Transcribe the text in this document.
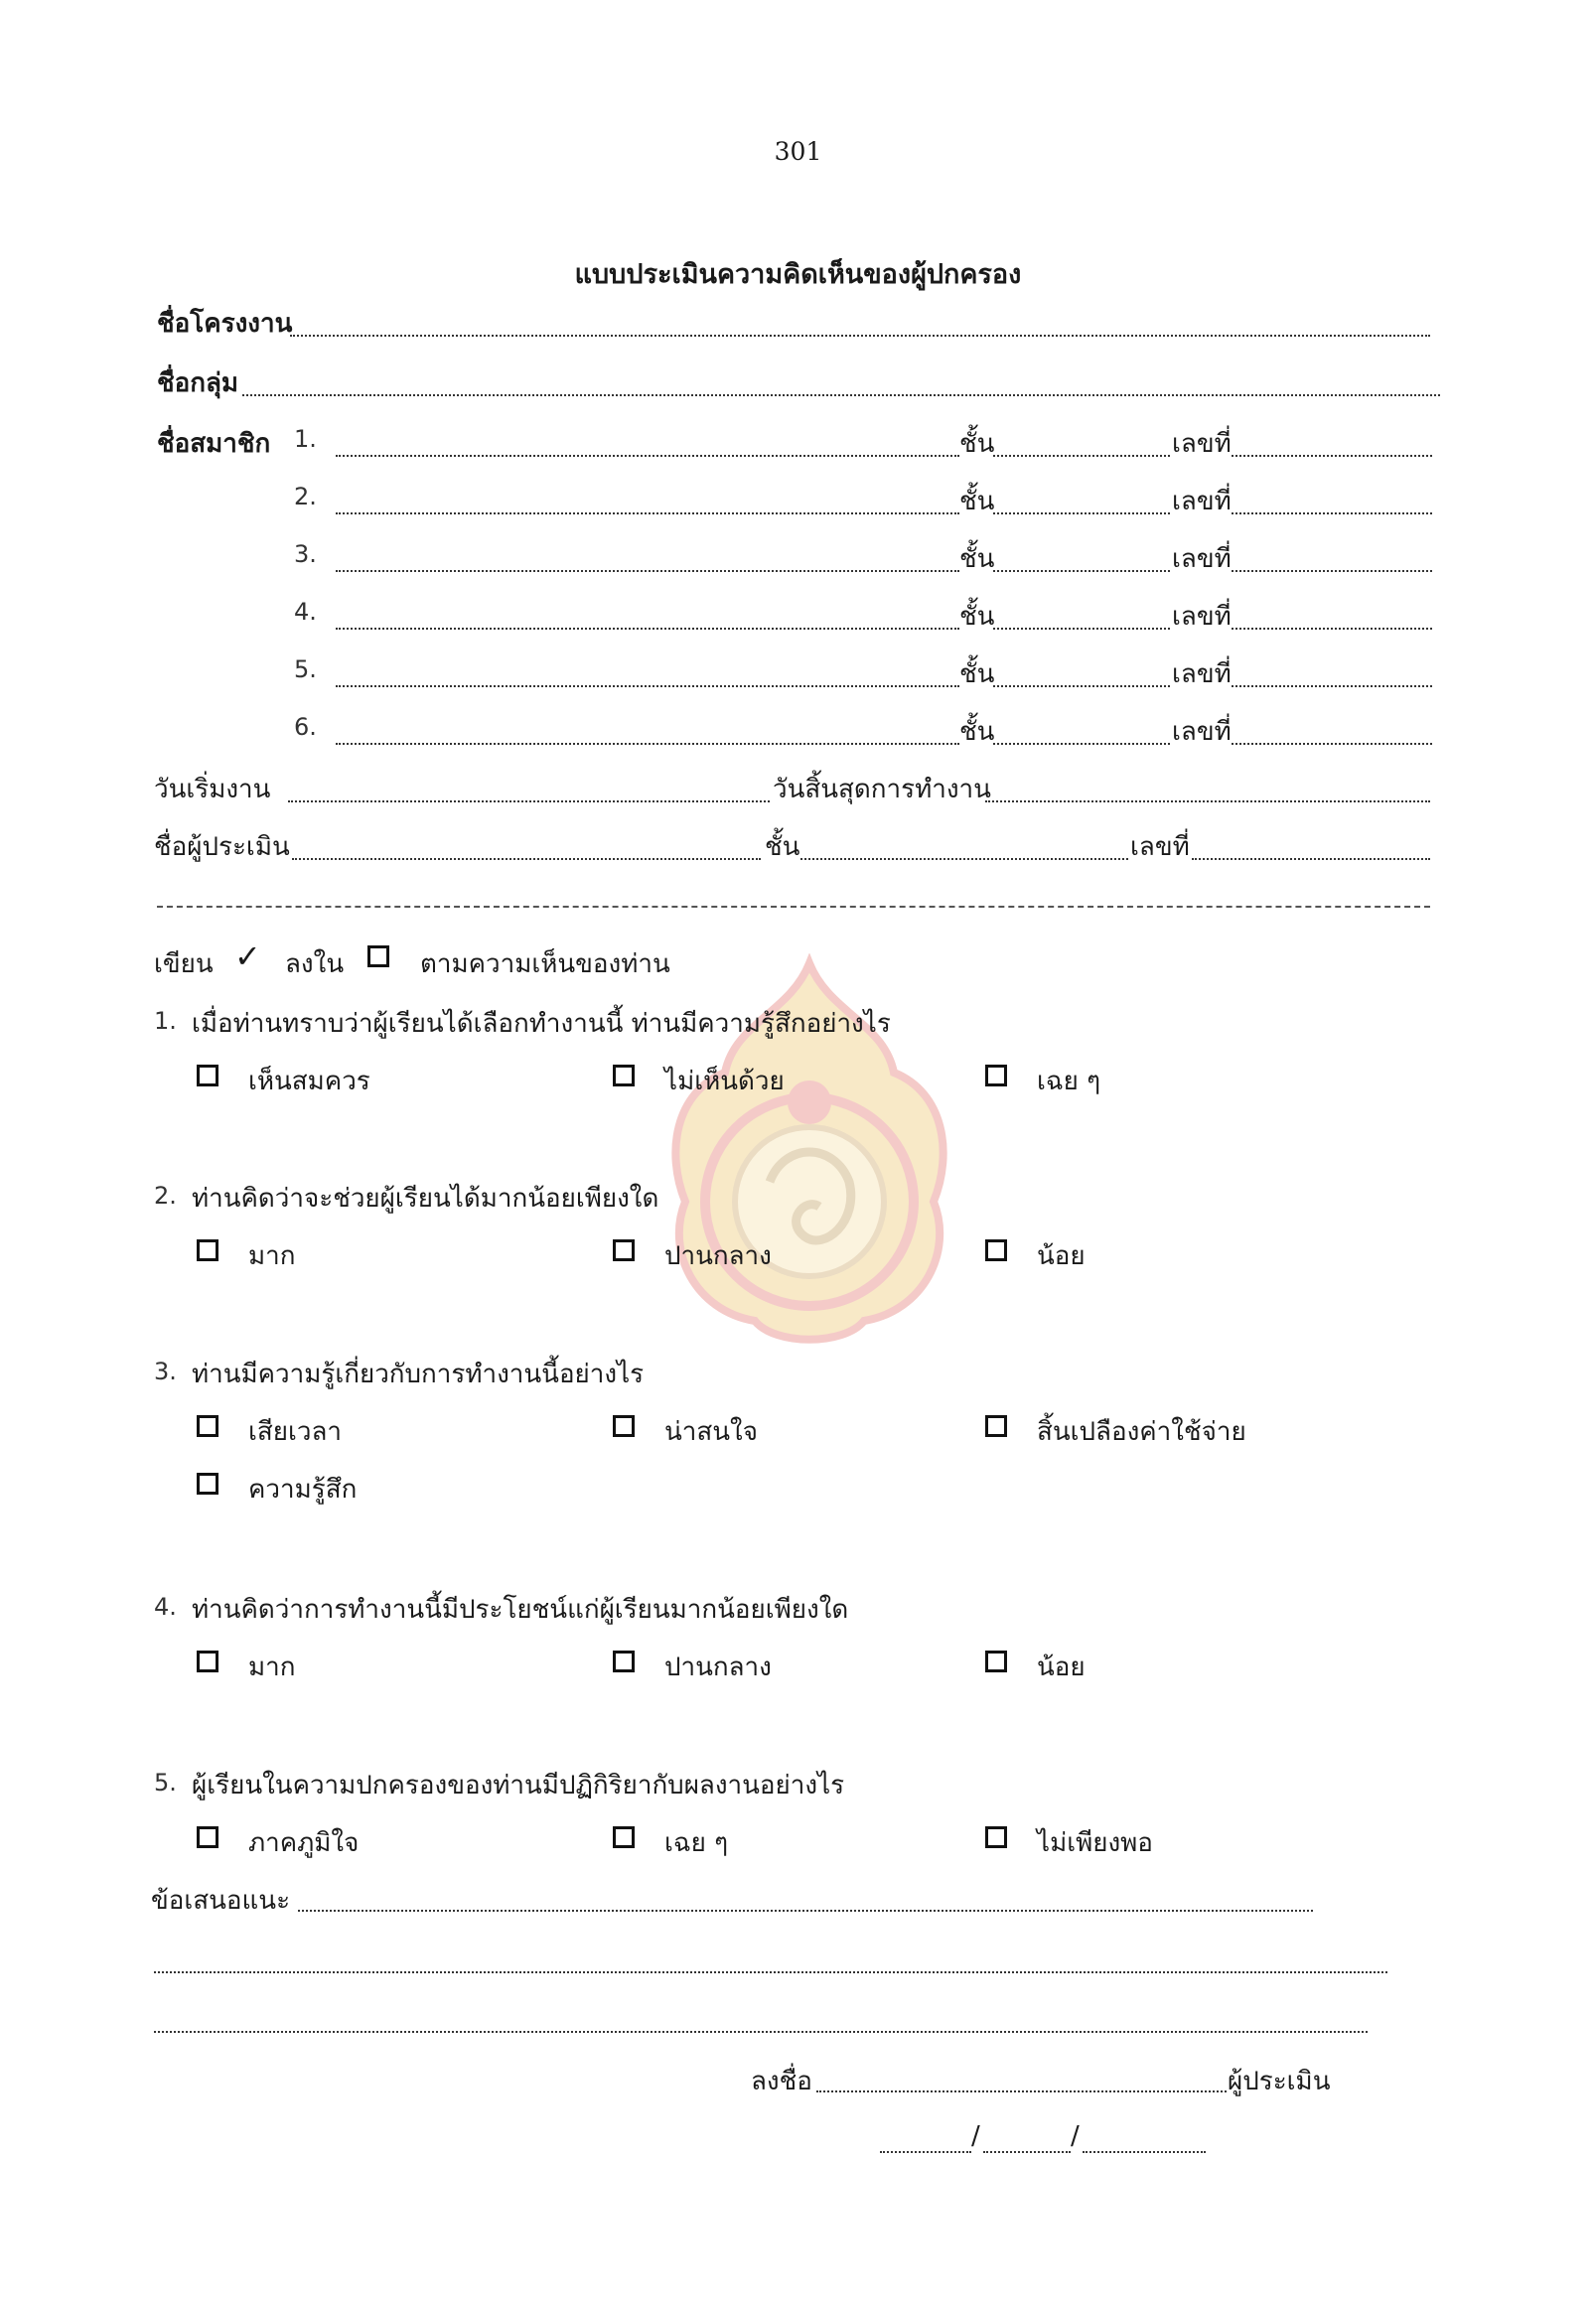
301
แบบประเมินความคิดเห็นของผู้ปกครอง
ชื่อโครงงาน
ชื่อกลุ่ม
ชื่อสมาชิก 1.	ชั้น	เลขที่
2.	ชั้น	เลขที่
3.	ชั้น	เลขที่
4.	ชั้น	เลขที่
5.	ชั้น	เลขที่
6.	ชั้น	เลขที่
วันเริ่มงาน	วันสิ้นสุดการทำงาน
ชื่อผู้ประเมิน	ชั้น	เลขที่
เขียน ✓ ลงใน	ตามความเห็นของท่าน
1. เมื่อท่านทราบว่าผู้เรียนได้เลือกทำงานนี้ ท่านมีความรู้สึกอย่างไร
เห็นสมควร	ไม่เห็นด้วย	เฉย ๆ
2. ท่านคิดว่าจะช่วยผู้เรียนได้มากน้อยเพียงใด
มาก	ปานกลาง	น้อย
3. ท่านมีความรู้เกี่ยวกับการทำงานนี้อย่างไร
เสียเวลา	น่าสนใจ	สิ้นเปลืองค่าใช้จ่าย
ความรู้สึก
4. ท่านคิดว่าการทำงานนี้มีประโยชน์แก่ผู้เรียนมากน้อยเพียงใด
มาก	ปานกลาง	น้อย
5. ผู้เรียนในความปกครองของท่านมีปฏิกิริยากับผลงานอย่างไร
ภาคภูมิใจ	เฉย ๆ	ไม่เพียงพอ
ข้อเสนอแนะ
ลงชื่อ	ผู้ประเมิน
/	/
